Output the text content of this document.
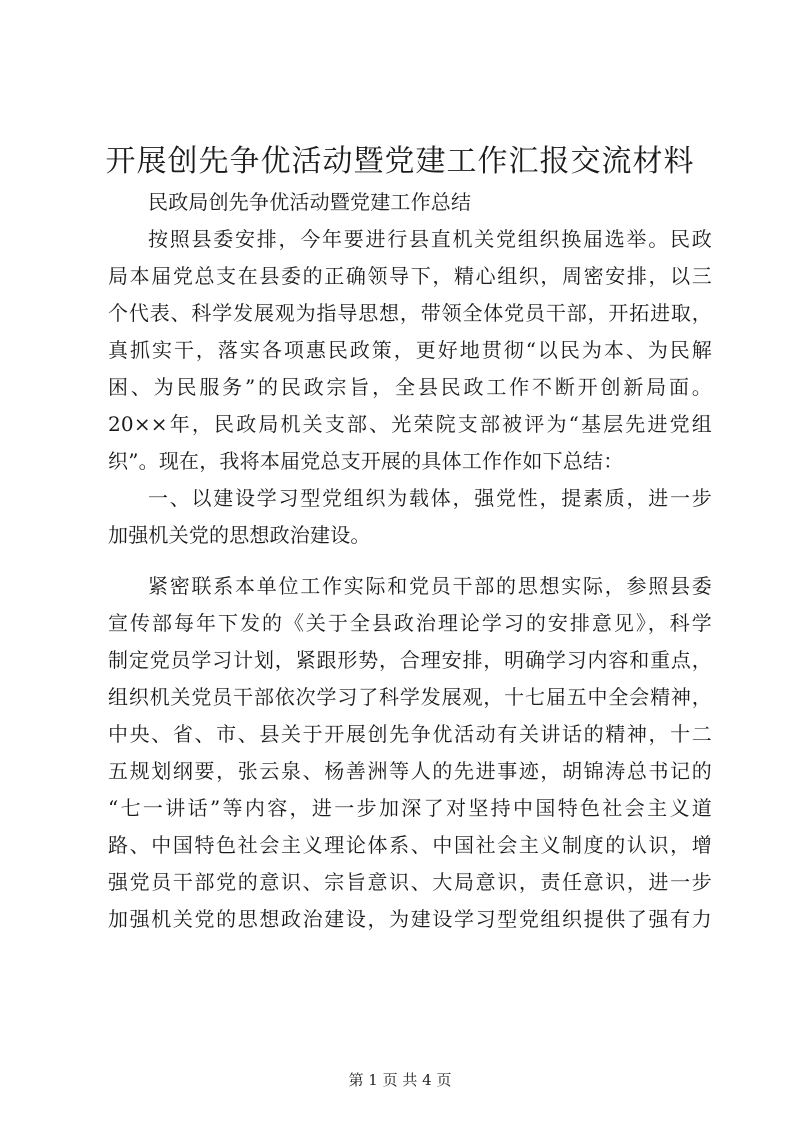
开展创先争优活动暨党建工作汇报交流材料
民政局创先争优活动暨党建工作总结
按照县委安排，今年要进行县直机关党组织换届选举。民政
局本届党总支在县委的正确领导下，精心组织，周密安排，以三
个代表、科学发展观为指导思想，带领全体党员干部，开拓进取，
真抓实干，落实各项惠民政策，更好地贯彻“以民为本、为民解
困、为民服务”的民政宗旨，全县民政工作不断开创新局面。
20××年，民政局机关支部、光荣院支部被评为“基层先进党组
织”。现在，我将本届党总支开展的具体工作作如下总结：
一、以建设学习型党组织为载体，强党性，提素质，进一步
加强机关党的思想政治建设。
紧密联系本单位工作实际和党员干部的思想实际，参照县委
宣传部每年下发的《关于全县政治理论学习的安排意见》，科学
制定党员学习计划，紧跟形势，合理安排，明确学习内容和重点，
组织机关党员干部依次学习了科学发展观，十七届五中全会精神，
中央、省、市、县关于开展创先争优活动有关讲话的精神，十二
五规划纲要，张云泉、杨善洲等人的先进事迹，胡锦涛总书记的
“七一讲话”等内容，进一步加深了对坚持中国特色社会主义道
路、中国特色社会主义理论体系、中国社会主义制度的认识，增
强党员干部党的意识、宗旨意识、大局意识，责任意识，进一步
加强机关党的思想政治建设，为建设学习型党组织提供了强有力
第 1 页 共 4 页
